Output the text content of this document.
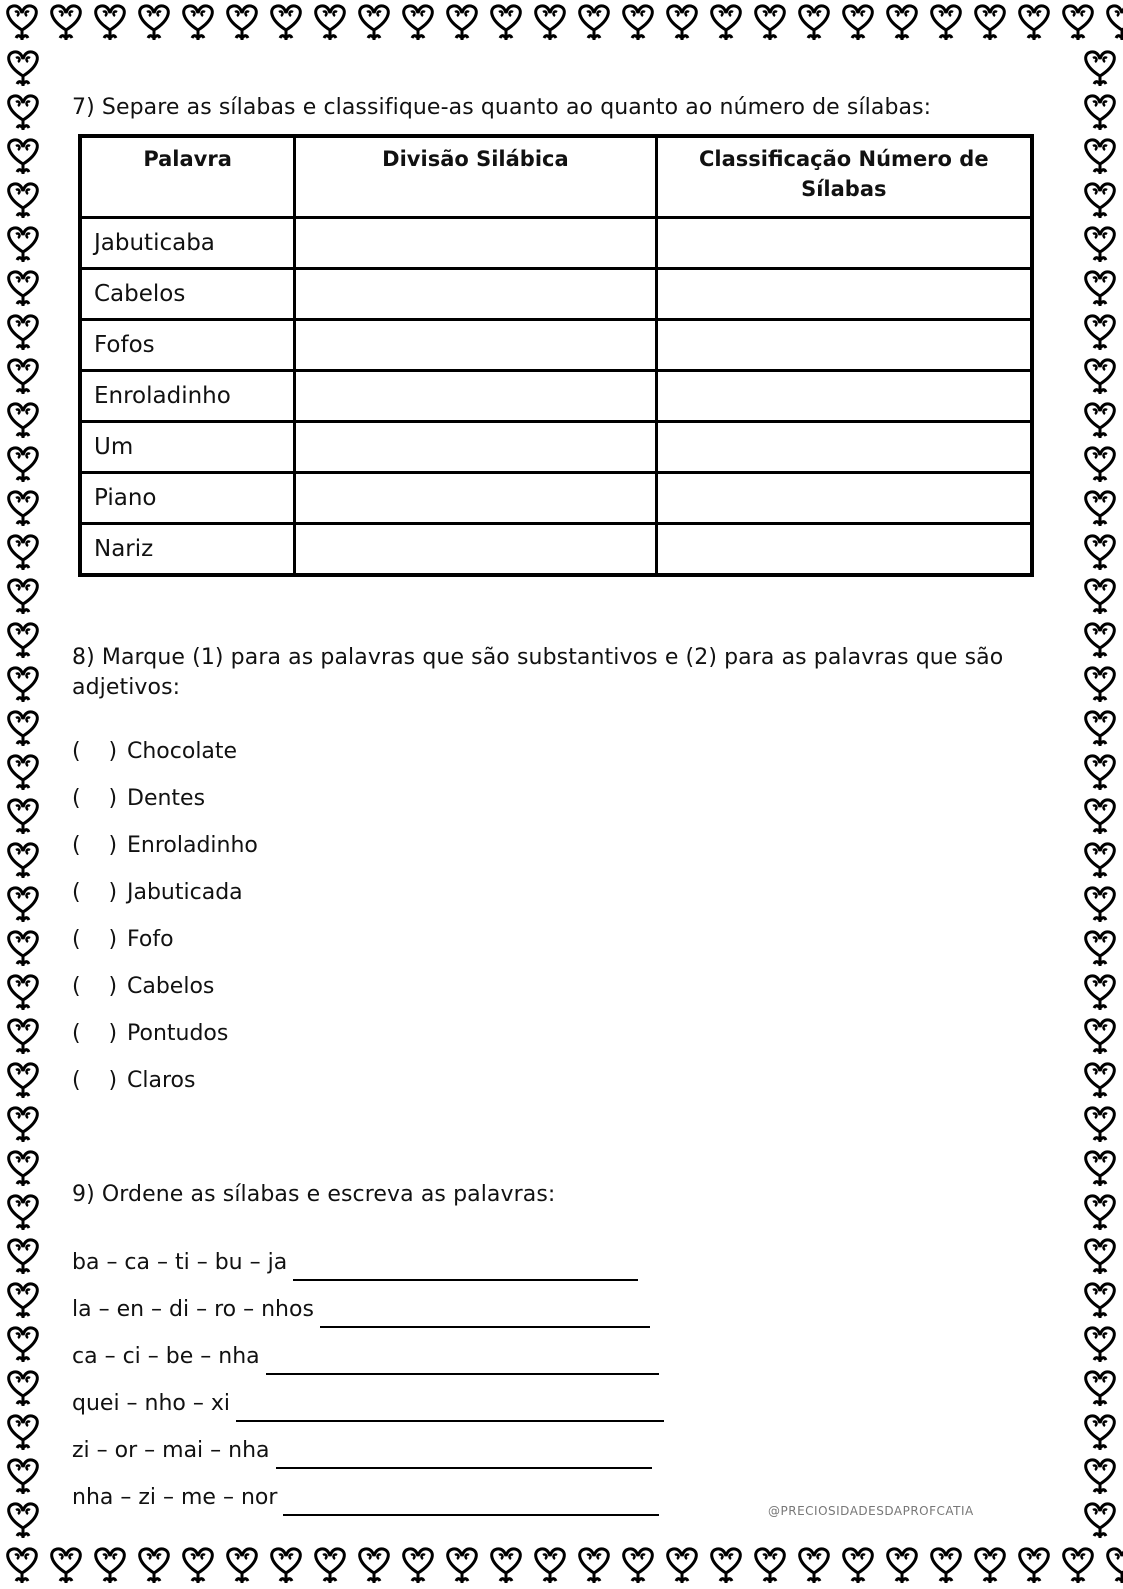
7) Separe as sílabas e classifique-as quanto ao quanto ao número de sílabas:
Palavra	Divisão Silábica	Classificação Número de Sílabas
Jabuticaba		
Cabelos		
Fofos		
Enroladinho		
Um		
Piano		
Nariz		
8) Marque (1) para as palavras que são substantivos e (2) para as palavras que são adjetivos:
(    ) Chocolate
(    ) Dentes
(    ) Enroladinho
(    ) Jabuticada
(    ) Fofo
(    ) Cabelos
(    ) Pontudos
(    ) Claros
9) Ordene as sílabas e escreva as palavras:
ba – ca – ti – bu – ja
la – en – di – ro – nhos
ca – ci – be – nha
quei – nho – xi
zi – or – mai – nha
nha – zi – me – nor
@PRECIOSIDADESDAPROFCATIA
